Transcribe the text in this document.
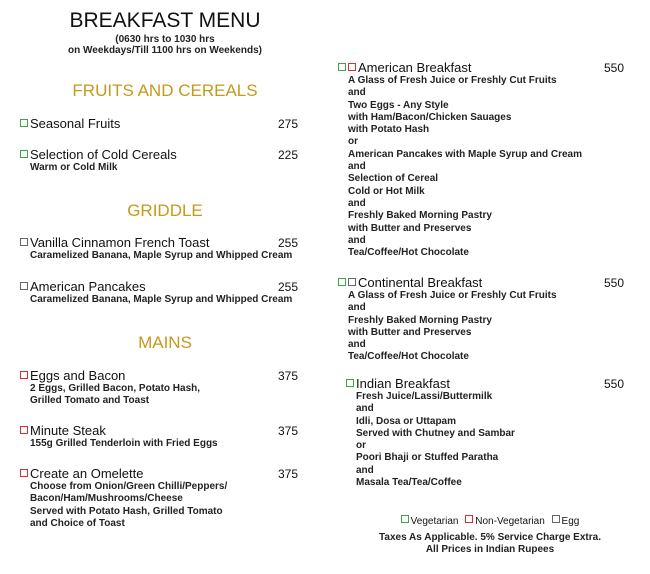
BREAKFAST MENU
(0630 hrs to 1030 hrs
on Weekdays/Till 1100 hrs on Weekends)
FRUITS AND CEREALS
GRIDDLE
MAINS
Seasonal Fruits	275
Selection of Cold Cereals
Warm or Cold Milk
225
Vanilla Cinnamon French Toast
Caramelized Banana, Maple Syrup and Whipped Cream
255
American Pancakes
Caramelized Banana, Maple Syrup and Whipped Cream
255
Eggs and Bacon
2 Eggs, Grilled Bacon, Potato Hash,
Grilled Tomato and Toast
375
Minute Steak
155g Grilled Tenderloin with Fried Eggs
375
Create an Omelette
Choose from Onion/Green Chilli/Peppers/
Bacon/Ham/Mushrooms/Cheese
Served with Potato Hash, Grilled Tomato
and Choice of Toast
375
American Breakfast
A Glass of Fresh Juice or Freshly Cut Fruits
and
Two Eggs - Any Style
with Ham/Bacon/Chicken Sauages
with Potato Hash
or
American Pancakes with Maple Syrup and Cream
and
Selection of Cereal
Cold or Hot Milk
and
Freshly Baked Morning Pastry
with Butter and Preserves
and
Tea/Coffee/Hot Chocolate
550
Continental Breakfast
A Glass of Fresh Juice or Freshly Cut Fruits
and
Freshly Baked Morning Pastry
with Butter and Preserves
and
Tea/Coffee/Hot Chocolate
550
Indian Breakfast
Fresh Juice/Lassi/Buttermilk
and
Idli, Dosa or Uttapam
Served with Chutney and Sambar
or
Poori Bhaji or Stuffed Paratha
and
Masala Tea/Tea/Coffee
550
Vegetarian Non-Vegetarian Egg
Taxes As Applicable. 5% Service Charge Extra.
All Prices in Indian Rupees
